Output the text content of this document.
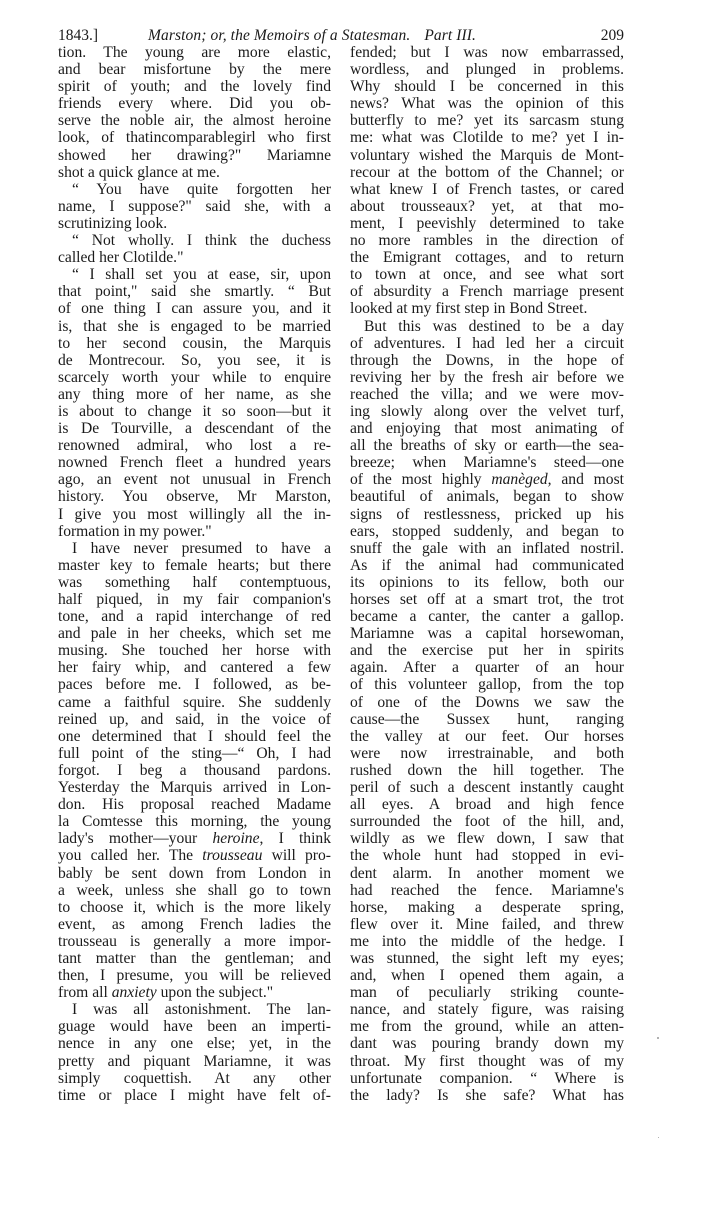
1843.]	Marston; or, the Memoirs of a Statesman. Part III.	209
tion. The young are more elastic,
and bear misfortune by the mere
spirit of youth; and the lovely find
friends every where. Did you ob-
serve the noble air, the almost heroine
look, of thatincomparablegirl who first
showed her drawing?" Mariamne
shot a quick glance at me.
“ You have quite forgotten her
name, I suppose?" said she, with a
scrutinizing look.
“ Not wholly. I think the duchess
called her Clotilde."
“ I shall set you at ease, sir, upon
that point," said she smartly. “ But
of one thing I can assure you, and it
is, that she is engaged to be married
to her second cousin, the Marquis
de Montrecour. So, you see, it is
scarcely worth your while to enquire
any thing more of her name, as she
is about to change it so soon—but it
is De Tourville, a descendant of the
renowned admiral, who lost a re-
nowned French fleet a hundred years
ago, an event not unusual in French
history. You observe, Mr Marston,
I give you most willingly all the in-
formation in my power."
I have never presumed to have a
master key to female hearts; but there
was something half contemptuous,
half piqued, in my fair companion's
tone, and a rapid interchange of red
and pale in her cheeks, which set me
musing. She touched her horse with
her fairy whip, and cantered a few
paces before me. I followed, as be-
came a faithful squire. She suddenly
reined up, and said, in the voice of
one determined that I should feel the
full point of the sting—“ Oh, I had
forgot. I beg a thousand pardons.
Yesterday the Marquis arrived in Lon-
don. His proposal reached Madame
la Comtesse this morning, the young
lady's mother—your heroine, I think
you called her. The trousseau will pro-
bably be sent down from London in
a week, unless she shall go to town
to choose it, which is the more likely
event, as among French ladies the
trousseau is generally a more impor-
tant matter than the gentleman; and
then, I presume, you will be relieved
from all anxiety upon the subject."
I was all astonishment. The lan-
guage would have been an imperti-
nence in any one else; yet, in the
pretty and piquant Mariamne, it was
simply coquettish. At any other
time or place I might have felt of-
fended; but I was now embarrassed,
wordless, and plunged in problems.
Why should I be concerned in this
news? What was the opinion of this
butterfly to me? yet its sarcasm stung
me: what was Clotilde to me? yet I in-
voluntary wished the Marquis de Mont-
recour at the bottom of the Channel; or
what knew I of French tastes, or cared
about trousseaux? yet, at that mo-
ment, I peevishly determined to take
no more rambles in the direction of
the Emigrant cottages, and to return
to town at once, and see what sort
of absurdity a French marriage present
looked at my first step in Bond Street.
But this was destined to be a day
of adventures. I had led her a circuit
through the Downs, in the hope of
reviving her by the fresh air before we
reached the villa; and we were mov-
ing slowly along over the velvet turf,
and enjoying that most animating of
all the breaths of sky or earth—the sea-
breeze; when Mariamne's steed—one
of the most highly manèged, and most
beautiful of animals, began to show
signs of restlessness, pricked up his
ears, stopped suddenly, and began to
snuff the gale with an inflated nostril.
As if the animal had communicated
its opinions to its fellow, both our
horses set off at a smart trot, the trot
became a canter, the canter a gallop.
Mariamne was a capital horsewoman,
and the exercise put her in spirits
again. After a quarter of an hour
of this volunteer gallop, from the top
of one of the Downs we saw the
cause—the Sussex hunt, ranging
the valley at our feet. Our horses
were now irrestrainable, and both
rushed down the hill together. The
peril of such a descent instantly caught
all eyes. A broad and high fence
surrounded the foot of the hill, and,
wildly as we flew down, I saw that
the whole hunt had stopped in evi-
dent alarm. In another moment we
had reached the fence. Mariamne's
horse, making a desperate spring,
flew over it. Mine failed, and threw
me into the middle of the hedge. I
was stunned, the sight left my eyes;
and, when I opened them again, a
man of peculiarly striking counte-
nance, and stately figure, was raising
me from the ground, while an atten-
dant was pouring brandy down my
throat. My first thought was of my
unfortunate companion. “ Where is
the lady? Is she safe? What has
